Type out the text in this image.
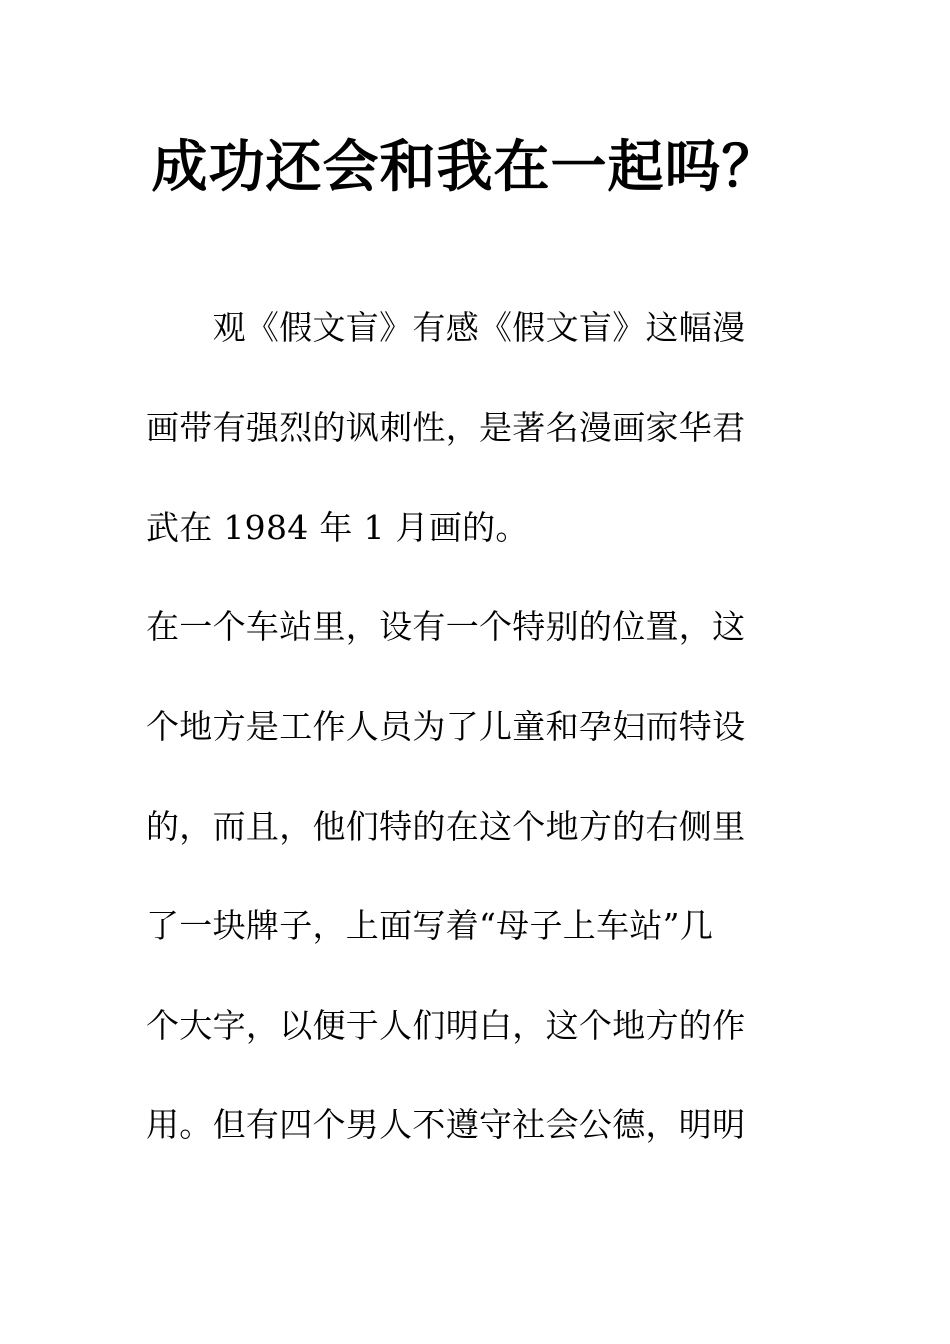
成功还会和我在一起吗？

　　观《假文盲》有感《假文盲》这幅漫

画带有强烈的讽刺性，是著名漫画家华君

武在 1984 年 1 月画的。

在一个车站里，设有一个特别的位置，这

个地方是工作人员为了儿童和孕妇而特设

的，而且，他们特的在这个地方的右侧里

了一块牌子，上面写着“母子上车站”几

个大字，以便于人们明白，这个地方的作

用。但有四个男人不遵守社会公德，明明
